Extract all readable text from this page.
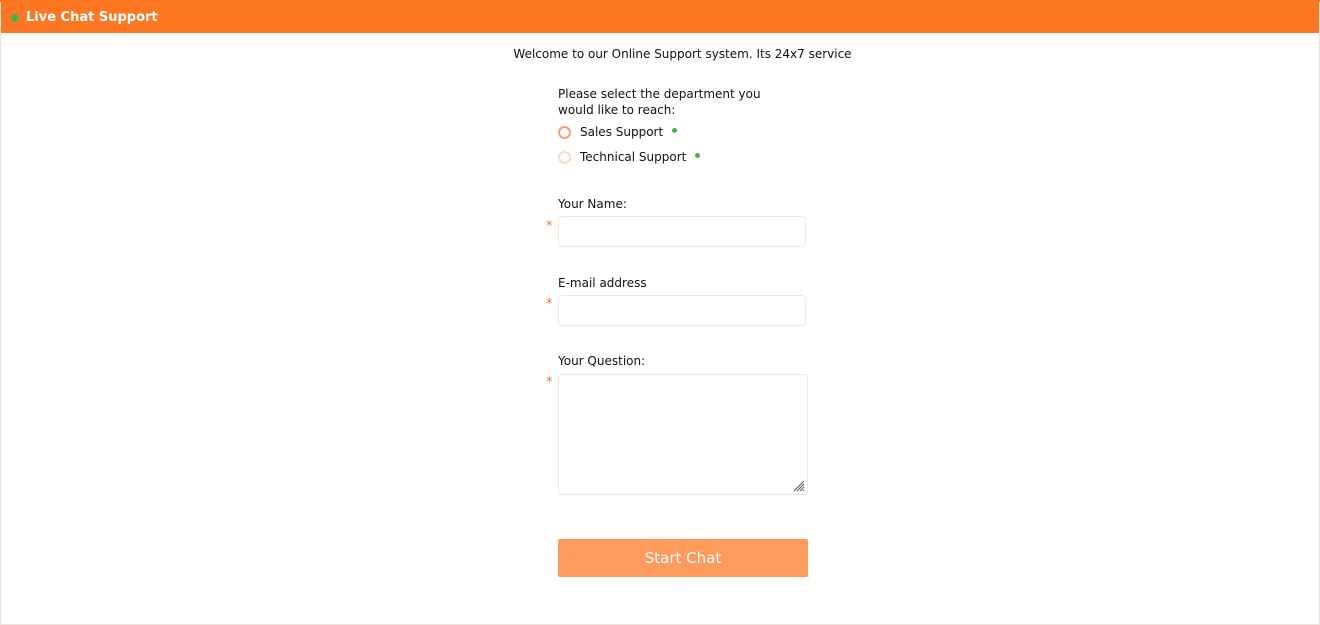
Live Chat Support
Welcome to our Online Support system. Its 24x7 service
Please select the department you would like to reach:
Sales Support
Technical Support
Your Name:
*
E-mail address
*
Your Question:
*
Start Chat
